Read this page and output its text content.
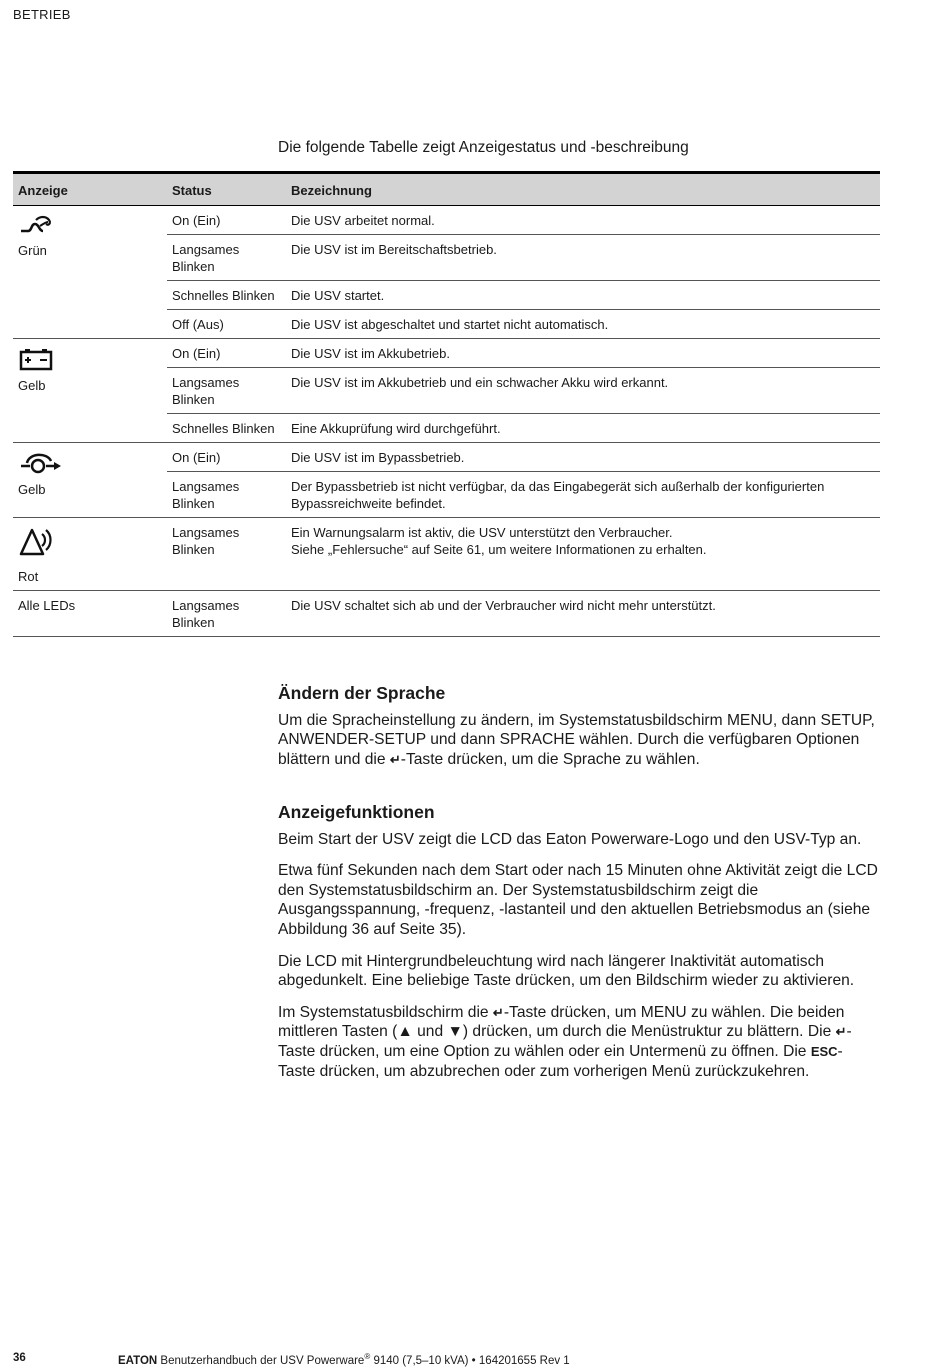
BETRIEB
Die folgende Tabelle zeigt Anzeigestatus und -beschreibung
Anzeige	Status	Bezeichnung

Grün	On (Ein)	Die USV arbeitet normal.
	Langsames Blinken	Die USV ist im Bereitschaftsbetrieb.
	Schnelles Blinken	Die USV startet.
	Off (Aus)	Die USV ist abgeschaltet und startet nicht automatisch.

Gelb	On (Ein)	Die USV ist im Akkubetrieb.
	Langsames Blinken	Die USV ist im Akkubetrieb und ein schwacher Akku wird erkannt.
	Schnelles Blinken	Eine Akkuprüfung wird durchgeführt.

Gelb	On (Ein)	Die USV ist im Bypassbetrieb.
	Langsames Blinken	Der Bypassbetrieb ist nicht verfügbar, da das Eingabegerät sich außerhalb der konfigurierten Bypassreichweite befindet.

Rot	Langsames Blinken	Ein Warnungsalarm ist aktiv, die USV unterstützt den Verbraucher.
Siehe „Fehlersuche“ auf Seite 61, um weitere Informationen zu erhalten.

Alle LEDs	Langsames Blinken	Die USV schaltet sich ab und der Verbraucher wird nicht mehr unterstützt.
Ändern der Sprache

Um die Spracheinstellung zu ändern, im Systemstatusbildschirm MENU, dann SETUP, ANWENDER-SETUP und dann SPRACHE wählen. Durch die verfügbaren Optionen blättern und die ↵-Taste drücken, um die Sprache zu wählen.

Anzeigefunktionen

Beim Start der USV zeigt die LCD das Eaton Powerware-Logo und den USV-Typ an.

Etwa fünf Sekunden nach dem Start oder nach 15 Minuten ohne Aktivität zeigt die LCD den Systemstatusbildschirm an. Der Systemstatusbildschirm zeigt die Ausgangsspannung, -frequenz, -lastanteil und den aktuellen Betriebsmodus an (siehe Abbildung 36 auf Seite 35).

Die LCD mit Hintergrundbeleuchtung wird nach längerer Inaktivität automatisch abgedunkelt. Eine beliebige Taste drücken, um den Bildschirm wieder zu aktivieren.

Im Systemstatusbildschirm die ↵-Taste drücken, um MENU zu wählen. Die beiden mittleren Tasten (▲ und ▼) drücken, um durch die Menüstruktur zu blättern. Die ↵-Taste drücken, um eine Option zu wählen oder ein Untermenü zu öffnen. Die ESC-Taste drücken, um abzubrechen oder zum vorherigen Menü zurückzukehren.

36	EATON Benutzerhandbuch der USV Powerware® 9140 (7,5–10 kVA) • 164201655 Rev 1
